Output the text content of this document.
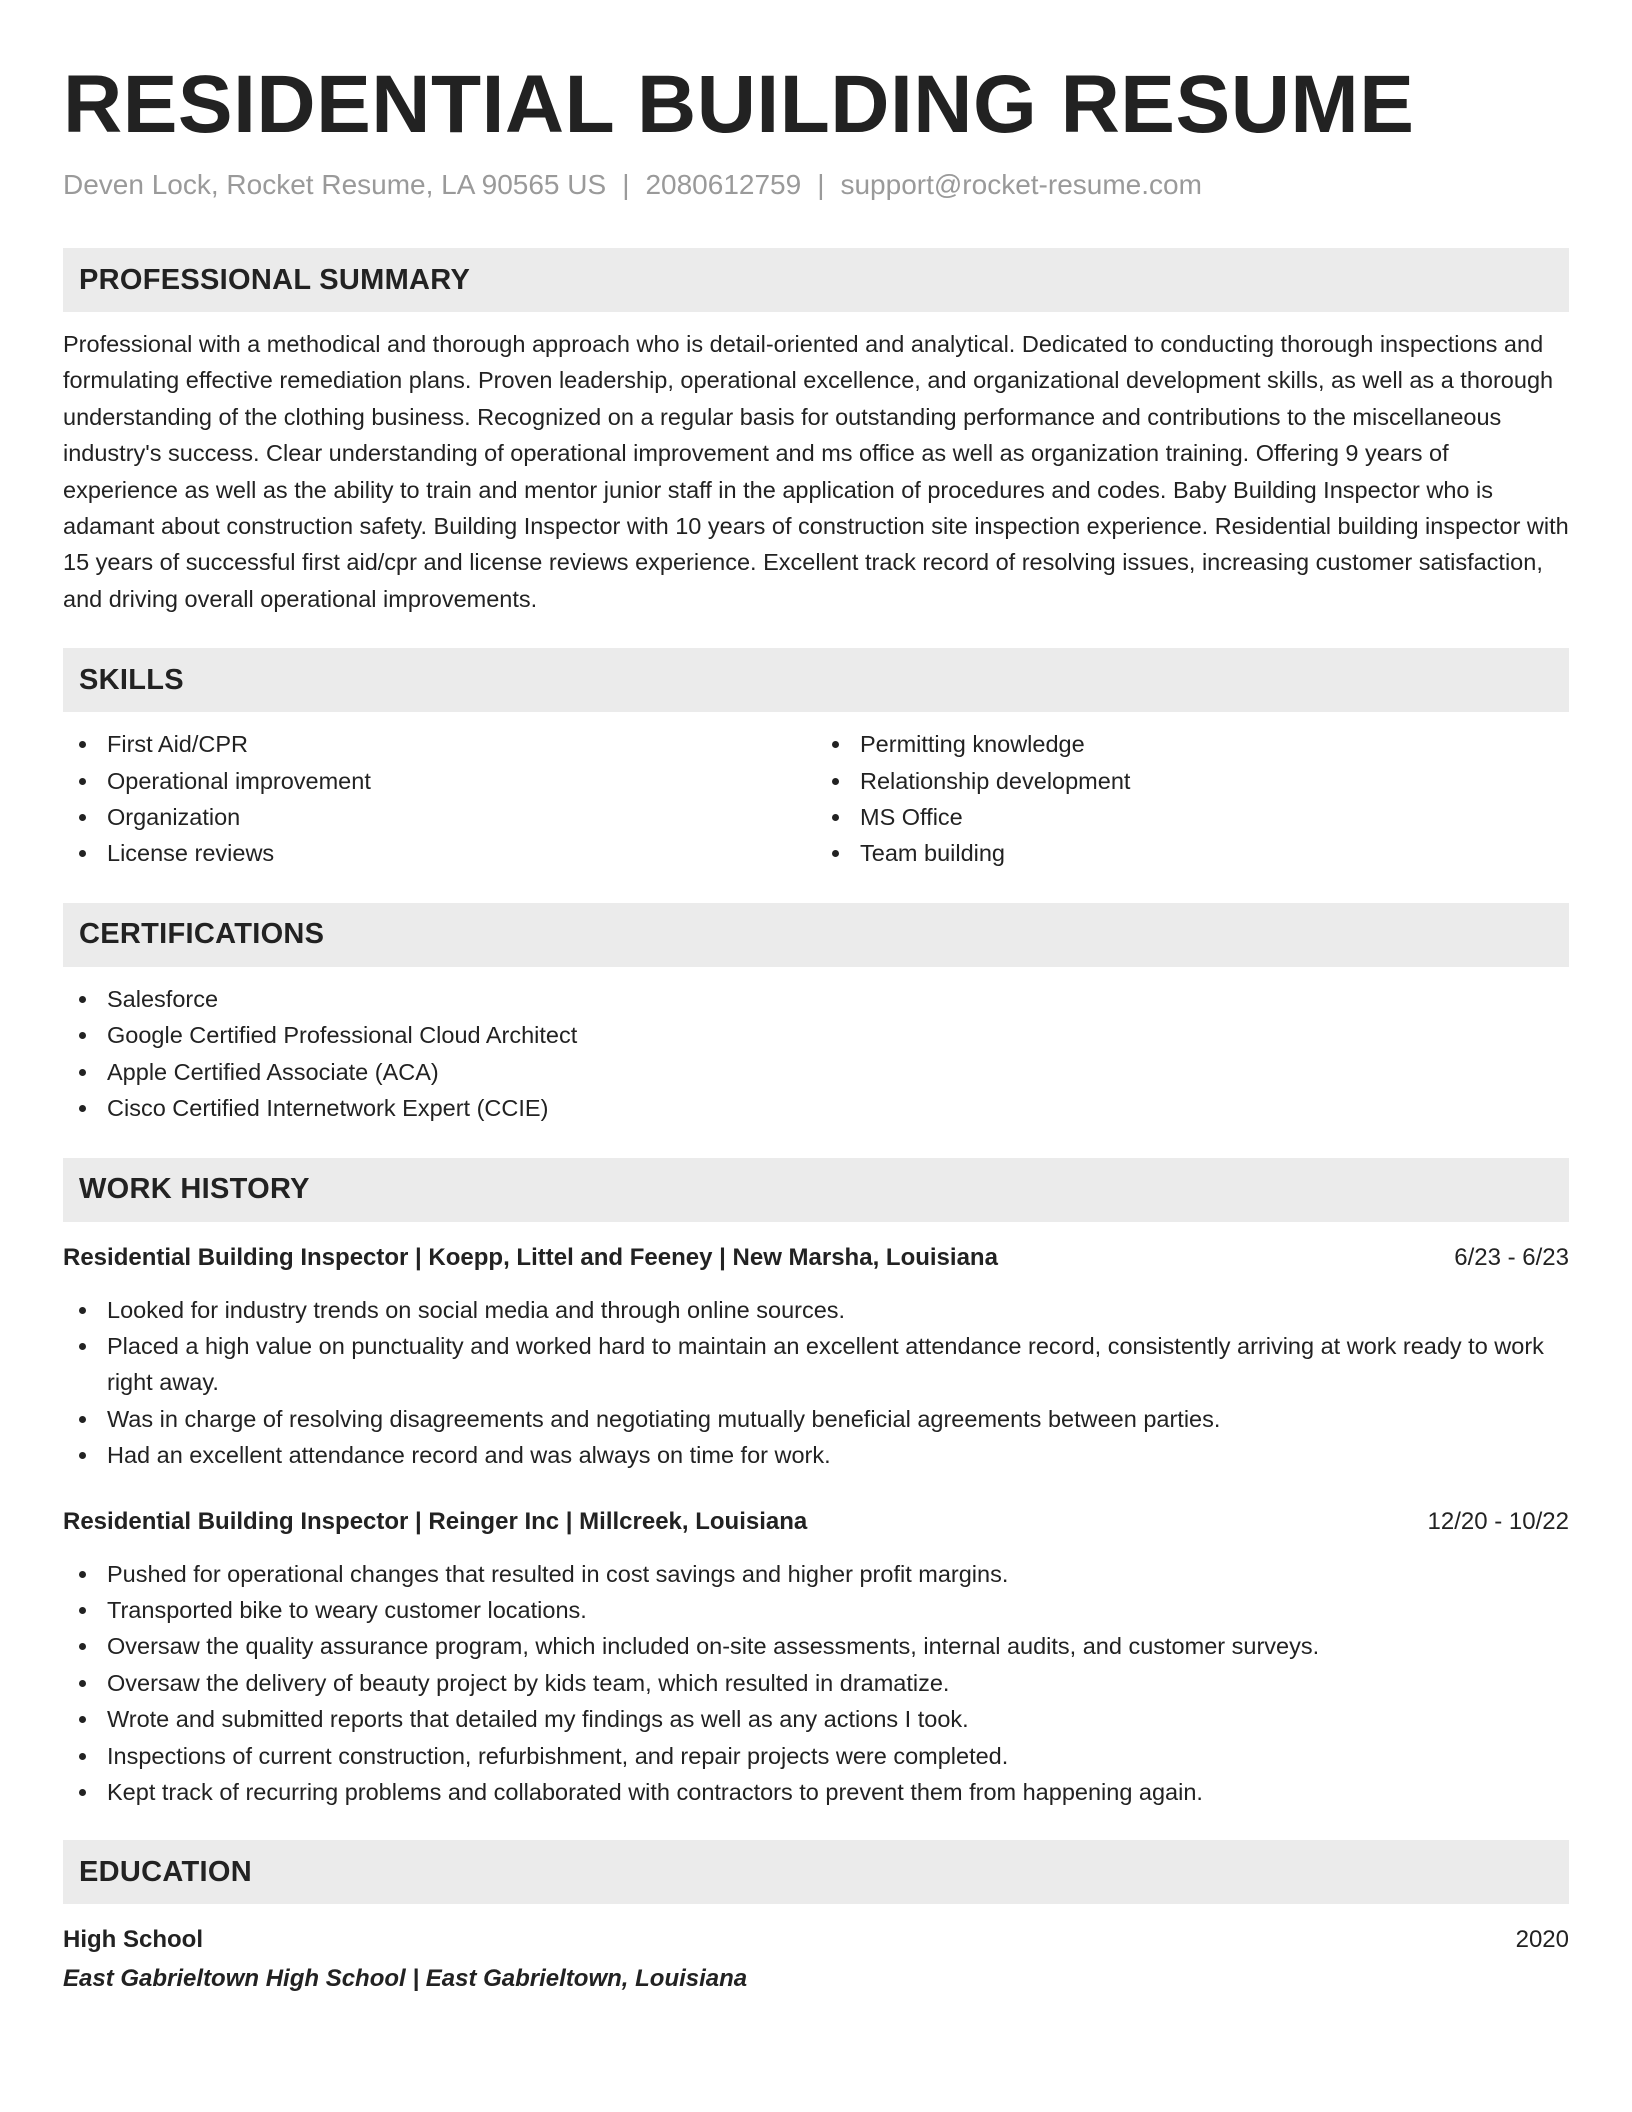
RESIDENTIAL BUILDING RESUME
Deven Lock, Rocket Resume, LA 90565 US | 2080612759 | support@rocket-resume.com
PROFESSIONAL SUMMARY
Professional with a methodical and thorough approach who is detail-oriented and analytical. Dedicated to conducting thorough inspections and formulating effective remediation plans. Proven leadership, operational excellence, and organizational development skills, as well as a thorough understanding of the clothing business. Recognized on a regular basis for outstanding performance and contributions to the miscellaneous industry's success. Clear understanding of operational improvement and ms office as well as organization training. Offering 9 years of experience as well as the ability to train and mentor junior staff in the application of procedures and codes. Baby Building Inspector who is adamant about construction safety. Building Inspector with 10 years of construction site inspection experience. Residential building inspector with 15 years of successful first aid/cpr and license reviews experience. Excellent track record of resolving issues, increasing customer satisfaction, and driving overall operational improvements.
SKILLS
First Aid/CPR
Operational improvement
Organization
License reviews
Permitting knowledge
Relationship development
MS Office
Team building
CERTIFICATIONS
Salesforce
Google Certified Professional Cloud Architect
Apple Certified Associate (ACA)
Cisco Certified Internetwork Expert (CCIE)
WORK HISTORY
Residential Building Inspector | Koepp, Littel and Feeney | New Marsha, Louisiana	6/23 - 6/23
Looked for industry trends on social media and through online sources.
Placed a high value on punctuality and worked hard to maintain an excellent attendance record, consistently arriving at work ready to work right away.
Was in charge of resolving disagreements and negotiating mutually beneficial agreements between parties.
Had an excellent attendance record and was always on time for work.
Residential Building Inspector | Reinger Inc | Millcreek, Louisiana	12/20 - 10/22
Pushed for operational changes that resulted in cost savings and higher profit margins.
Transported bike to weary customer locations.
Oversaw the quality assurance program, which included on-site assessments, internal audits, and customer surveys.
Oversaw the delivery of beauty project by kids team, which resulted in dramatize.
Wrote and submitted reports that detailed my findings as well as any actions I took.
Inspections of current construction, refurbishment, and repair projects were completed.
Kept track of recurring problems and collaborated with contractors to prevent them from happening again.
EDUCATION
High School	2020
East Gabrieltown High School | East Gabrieltown, Louisiana
